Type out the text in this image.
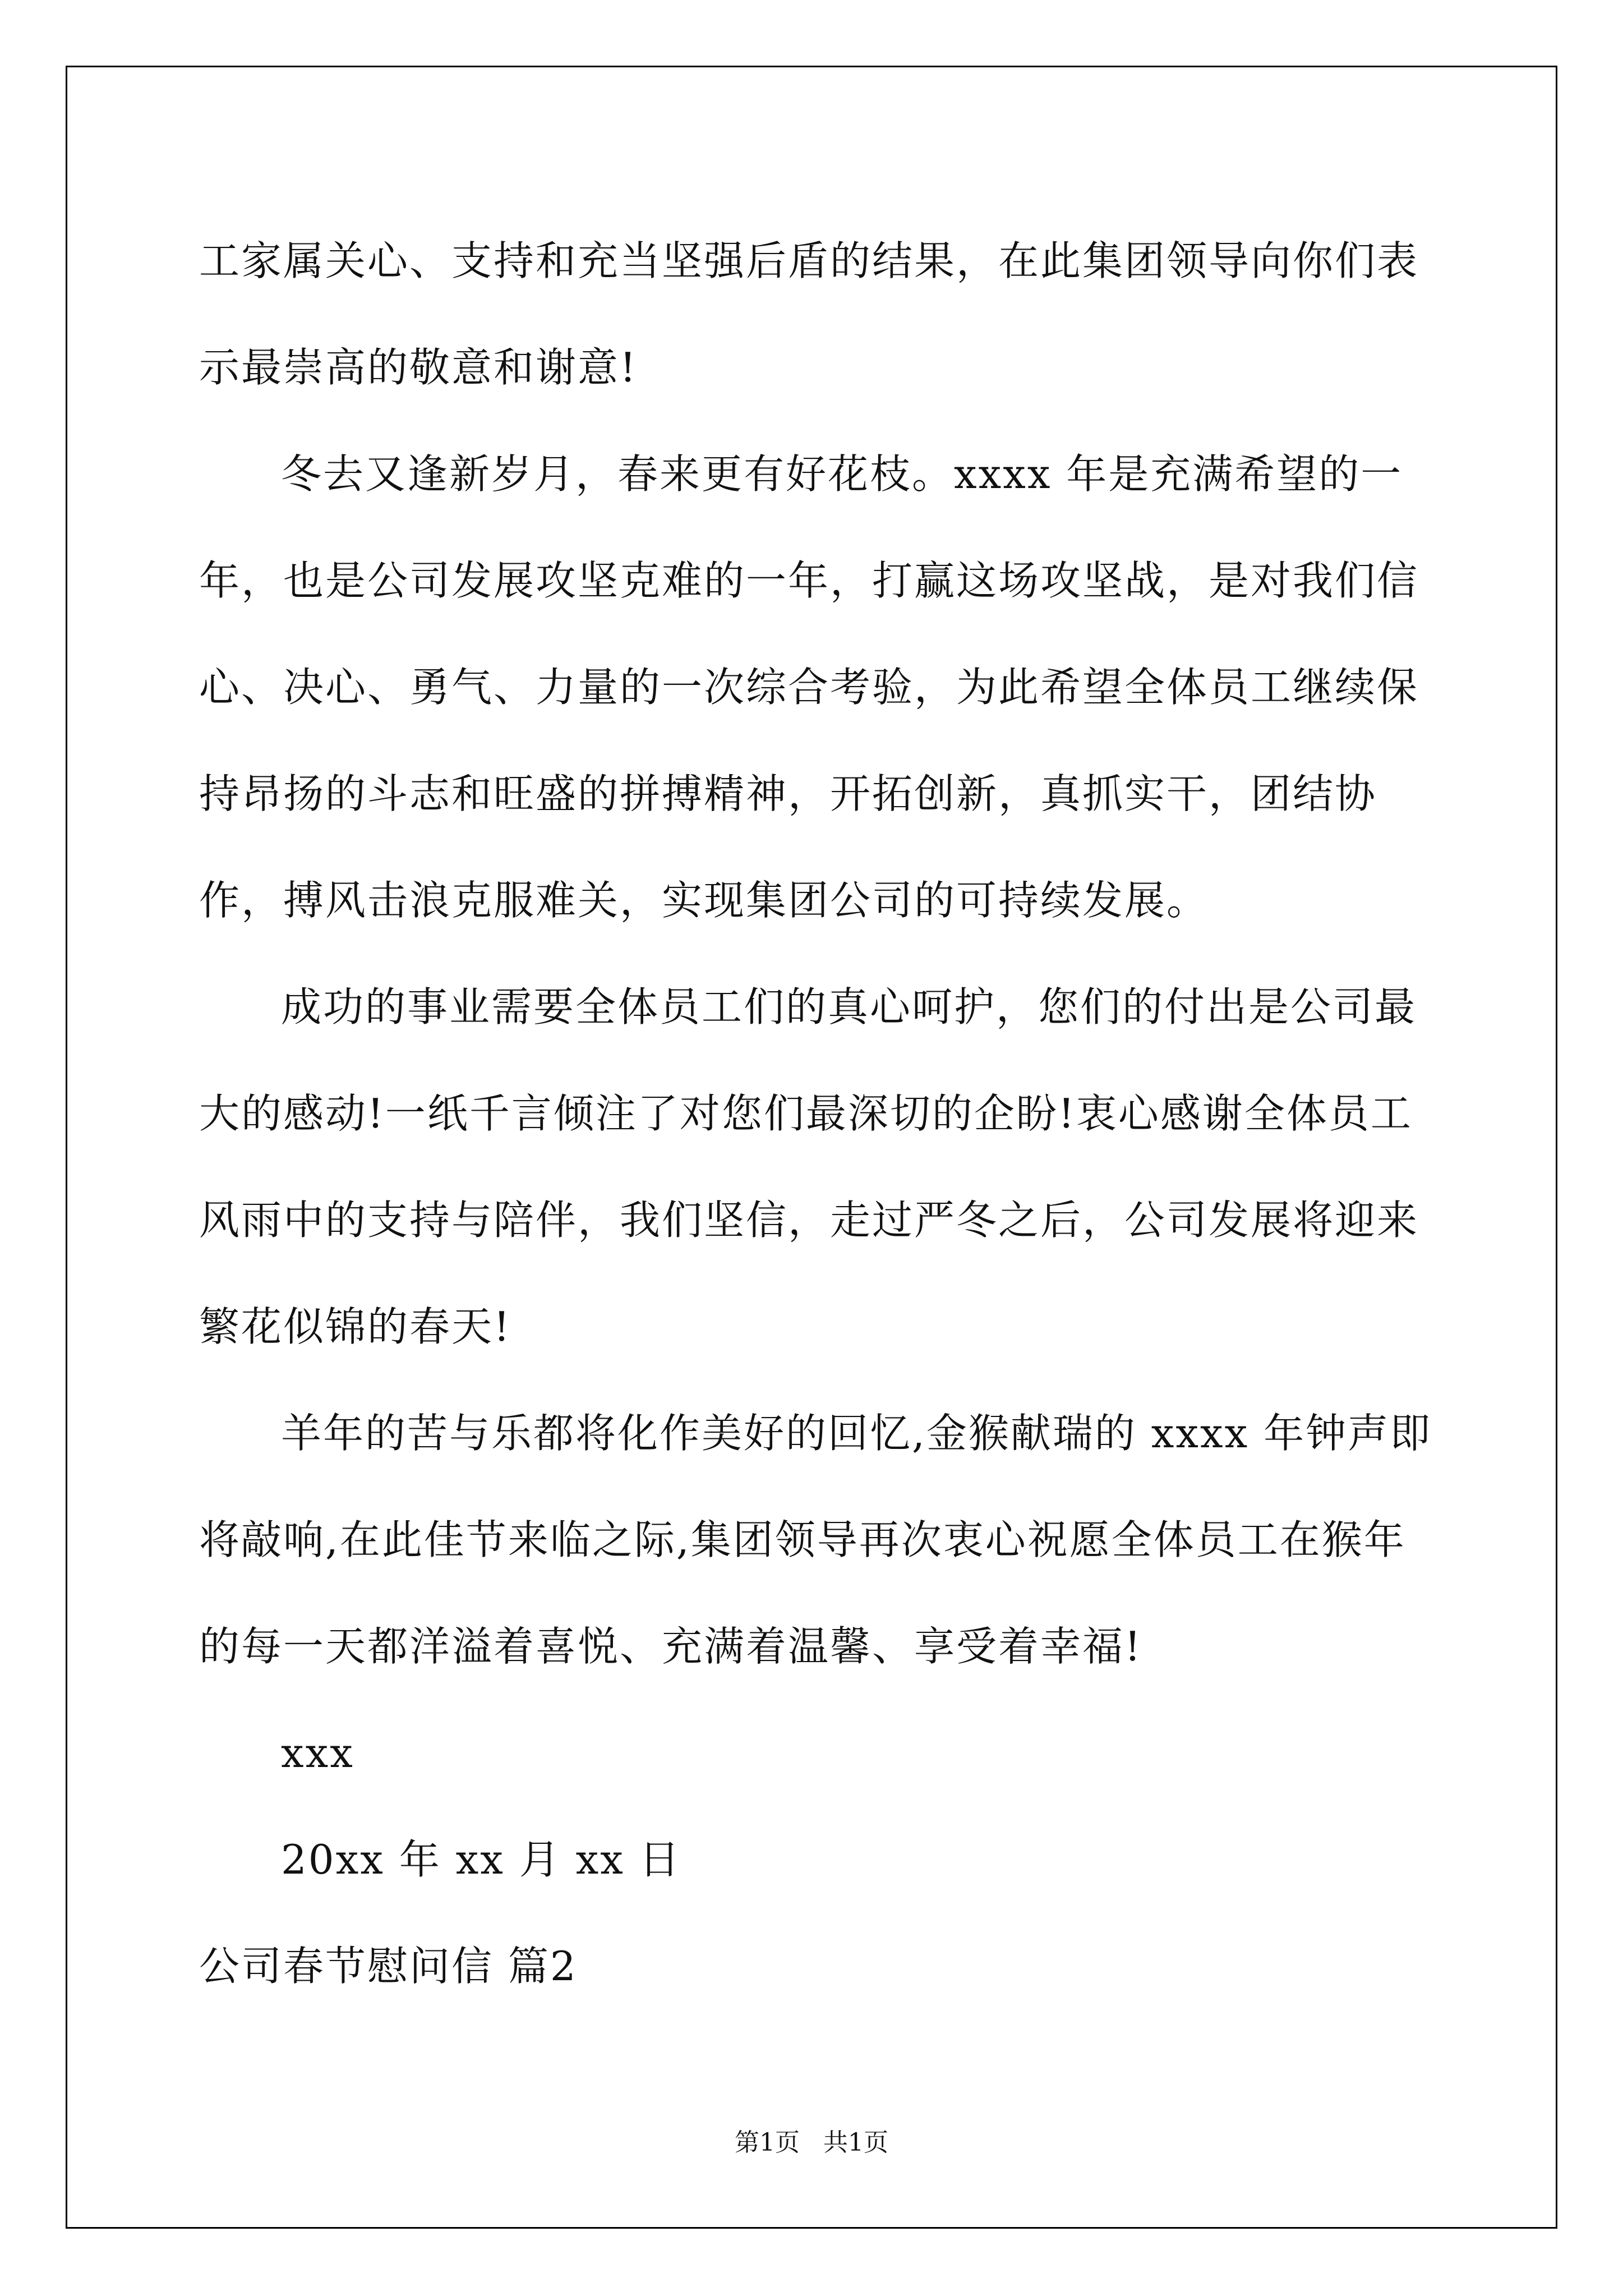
工家属关心、支持和充当坚强后盾的结果，在此集团领导向你们表示最崇高的敬意和谢意!

冬去又逢新岁月，春来更有好花枝。xxxx 年是充满希望的一年，也是公司发展攻坚克难的一年，打赢这场攻坚战，是对我们信心、决心、勇气、力量的一次综合考验，为此希望全体员工继续保持昂扬的斗志和旺盛的拼搏精神，开拓创新，真抓实干，团结协作，搏风击浪克服难关，实现集团公司的可持续发展。

成功的事业需要全体员工们的真心呵护，您们的付出是公司最大的感动!一纸千言倾注了对您们最深切的企盼!衷心感谢全体员工风雨中的支持与陪伴，我们坚信，走过严冬之后，公司发展将迎来繁花似锦的春天!

羊年的苦与乐都将化作美好的回忆,金猴献瑞的 xxxx 年钟声即将敲响,在此佳节来临之际,集团领导再次衷心祝愿全体员工在猴年的每一天都洋溢着喜悦、充满着温馨、享受着幸福!

xxx

20xx 年 xx 月 xx 日

公司春节慰问信 篇2

第1页   共1页
